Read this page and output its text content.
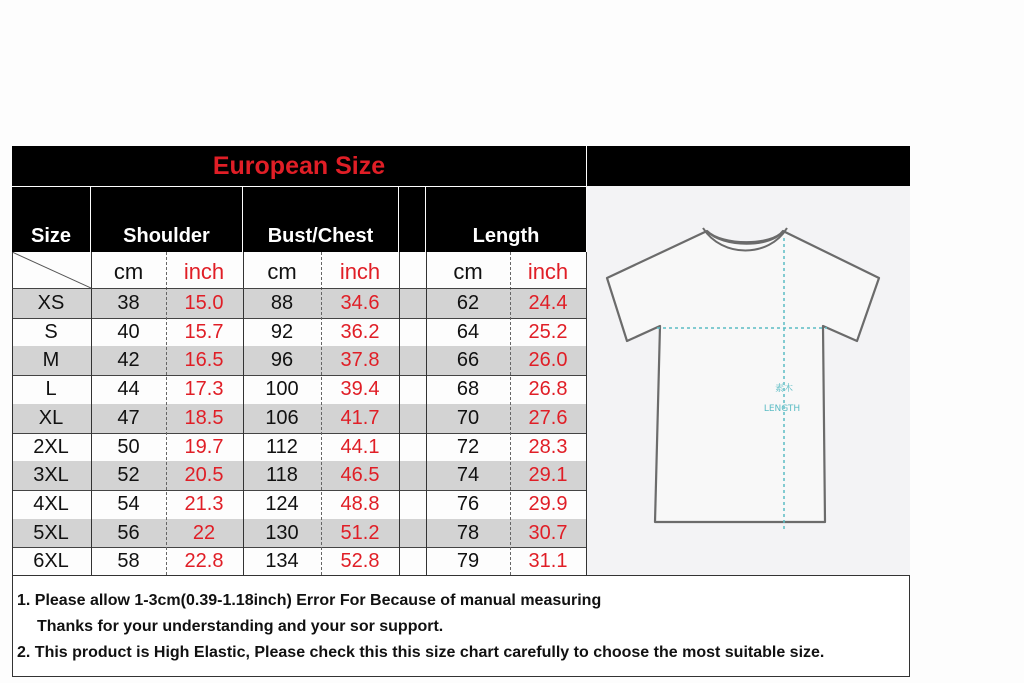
European Size
素木
LENGTH
Size	Shoulder	Bust/Chest	Length
cm	inch	cm	inch	cm	inch
XS	38	15.0	88	34.6	62	24.4
S	40	15.7	92	36.2	64	25.2
M	42	16.5	96	37.8	66	26.0
L	44	17.3	100	39.4	68	26.8
XL	47	18.5	106	41.7	70	27.6
2XL	50	19.7	112	44.1	72	28.3
3XL	52	20.5	118	46.5	74	29.1
4XL	54	21.3	124	48.8	76	29.9
5XL	56	22	130	51.2	78	30.7
6XL	58	22.8	134	52.8	79	31.1
1. Please allow 1-3cm(0.39-1.18inch) Error For Because of manual measuring
Thanks for your understanding and your sor support.
2. This product is High Elastic, Please check this this size chart carefully to choose the most suitable size.
